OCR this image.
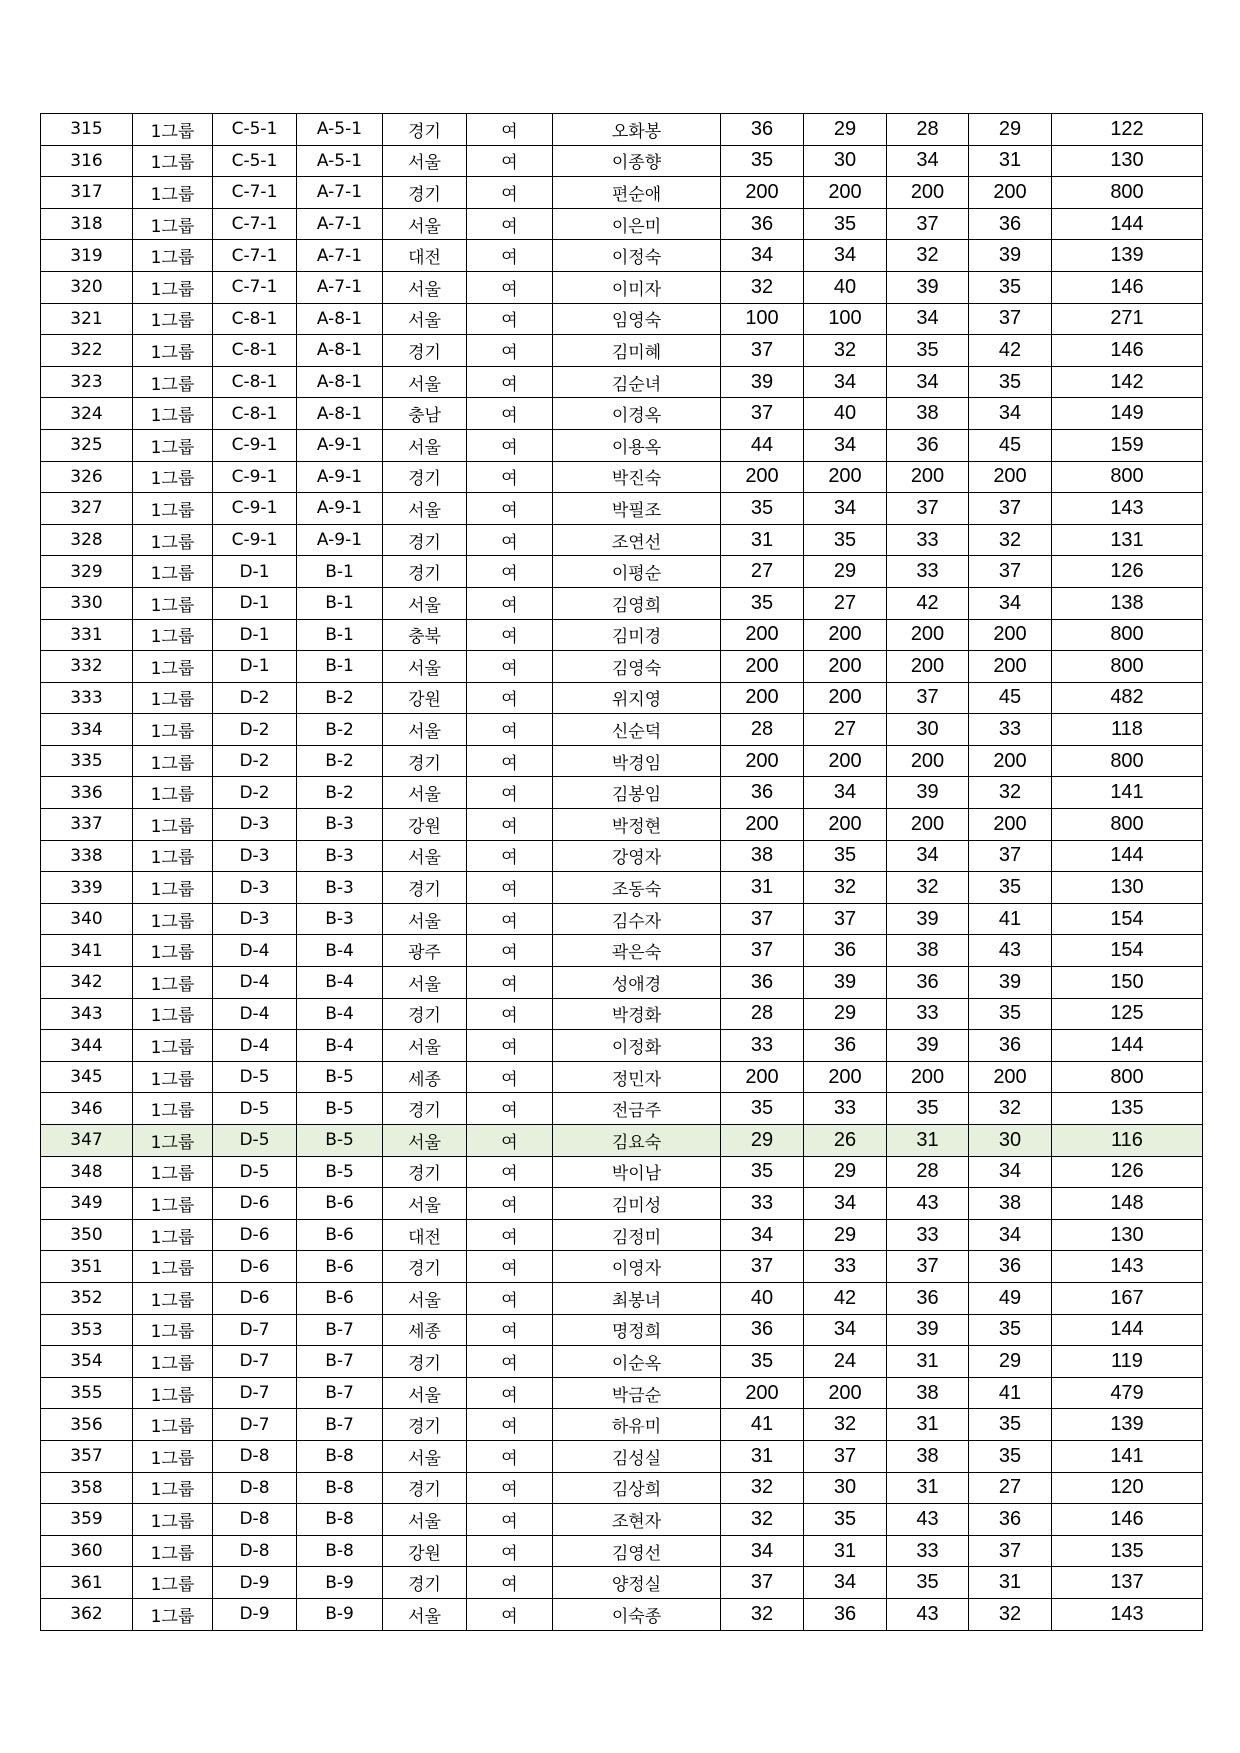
315	1그룹	C-5-1	A-5-1	경기	여	오화봉	36	29	28	29	122
316	1그룹	C-5-1	A-5-1	서울	여	이종향	35	30	34	31	130
317	1그룹	C-7-1	A-7-1	경기	여	편순애	200	200	200	200	800
318	1그룹	C-7-1	A-7-1	서울	여	이은미	36	35	37	36	144
319	1그룹	C-7-1	A-7-1	대전	여	이정숙	34	34	32	39	139
320	1그룹	C-7-1	A-7-1	서울	여	이미자	32	40	39	35	146
321	1그룹	C-8-1	A-8-1	서울	여	임영숙	100	100	34	37	271
322	1그룹	C-8-1	A-8-1	경기	여	김미혜	37	32	35	42	146
323	1그룹	C-8-1	A-8-1	서울	여	김순녀	39	34	34	35	142
324	1그룹	C-8-1	A-8-1	충남	여	이경옥	37	40	38	34	149
325	1그룹	C-9-1	A-9-1	서울	여	이용옥	44	34	36	45	159
326	1그룹	C-9-1	A-9-1	경기	여	박진숙	200	200	200	200	800
327	1그룹	C-9-1	A-9-1	서울	여	박필조	35	34	37	37	143
328	1그룹	C-9-1	A-9-1	경기	여	조연선	31	35	33	32	131
329	1그룹	D-1	B-1	경기	여	이평순	27	29	33	37	126
330	1그룹	D-1	B-1	서울	여	김영희	35	27	42	34	138
331	1그룹	D-1	B-1	충북	여	김미경	200	200	200	200	800
332	1그룹	D-1	B-1	서울	여	김영숙	200	200	200	200	800
333	1그룹	D-2	B-2	강원	여	위지영	200	200	37	45	482
334	1그룹	D-2	B-2	서울	여	신순덕	28	27	30	33	118
335	1그룹	D-2	B-2	경기	여	박경임	200	200	200	200	800
336	1그룹	D-2	B-2	서울	여	김봉임	36	34	39	32	141
337	1그룹	D-3	B-3	강원	여	박정현	200	200	200	200	800
338	1그룹	D-3	B-3	서울	여	강영자	38	35	34	37	144
339	1그룹	D-3	B-3	경기	여	조동숙	31	32	32	35	130
340	1그룹	D-3	B-3	서울	여	김수자	37	37	39	41	154
341	1그룹	D-4	B-4	광주	여	곽은숙	37	36	38	43	154
342	1그룹	D-4	B-4	서울	여	성애경	36	39	36	39	150
343	1그룹	D-4	B-4	경기	여	박경화	28	29	33	35	125
344	1그룹	D-4	B-4	서울	여	이정화	33	36	39	36	144
345	1그룹	D-5	B-5	세종	여	정민자	200	200	200	200	800
346	1그룹	D-5	B-5	경기	여	전금주	35	33	35	32	135
347	1그룹	D-5	B-5	서울	여	김요숙	29	26	31	30	116
348	1그룹	D-5	B-5	경기	여	박이남	35	29	28	34	126
349	1그룹	D-6	B-6	서울	여	김미성	33	34	43	38	148
350	1그룹	D-6	B-6	대전	여	김정미	34	29	33	34	130
351	1그룹	D-6	B-6	경기	여	이영자	37	33	37	36	143
352	1그룹	D-6	B-6	서울	여	최봉녀	40	42	36	49	167
353	1그룹	D-7	B-7	세종	여	명정희	36	34	39	35	144
354	1그룹	D-7	B-7	경기	여	이순옥	35	24	31	29	119
355	1그룹	D-7	B-7	서울	여	박금순	200	200	38	41	479
356	1그룹	D-7	B-7	경기	여	하유미	41	32	31	35	139
357	1그룹	D-8	B-8	서울	여	김성실	31	37	38	35	141
358	1그룹	D-8	B-8	경기	여	김상희	32	30	31	27	120
359	1그룹	D-8	B-8	서울	여	조현자	32	35	43	36	146
360	1그룹	D-8	B-8	강원	여	김영선	34	31	33	37	135
361	1그룹	D-9	B-9	경기	여	양정실	37	34	35	31	137
362	1그룹	D-9	B-9	서울	여	이숙종	32	36	43	32	143
